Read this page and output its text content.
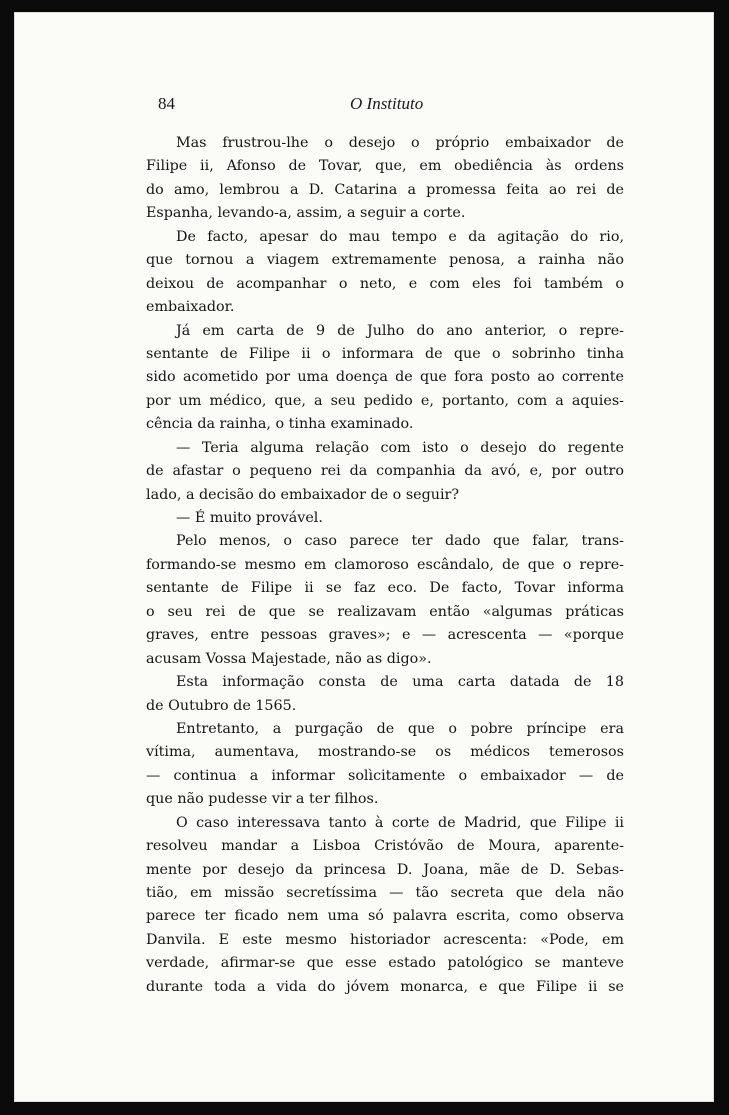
84	O Instituto
Mas frustrou-lhe o desejo o próprio embaixador de
Filipe ii, Afonso de Tovar, que, em obediência às ordens
do amo, lembrou a D. Catarina a promessa feita ao rei de
Espanha, levando-a, assim, a seguir a corte.
De facto, apesar do mau tempo e da agitação do rio,
que tornou a viagem extremamente penosa, a rainha não
deixou de acompanhar o neto, e com eles foi também o
embaixador.
Já em carta de 9 de Julho do ano anterior, o repre-
sentante de Filipe ii o informara de que o sobrinho tinha
sido acometido por uma doença de que fora posto ao corrente
por um médico, que, a seu pedido e, portanto, com a aquies-
cência da rainha, o tinha examinado.
— Teria alguma relação com isto o desejo do regente
de afastar o pequeno rei da companhia da avó, e, por outro
lado, a decisão do embaixador de o seguir?
— É muito provável.
Pelo menos, o caso parece ter dado que falar, trans-
formando-se mesmo em clamoroso escândalo, de que o repre-
sentante de Filipe ii se faz eco. De facto, Tovar informa
o seu rei de que se realizavam então «algumas práticas
graves, entre pessoas graves»; e — acrescenta — «porque
acusam Vossa Majestade, não as digo».
Esta informação consta de uma carta datada de 18
de Outubro de 1565.
Entretanto, a purgação de que o pobre príncipe era
vítima, aumentava, mostrando-se os médicos temerosos
— continua a informar solìcitamente o embaixador — de
que não pudesse vir a ter filhos.
O caso interessava tanto à corte de Madrid, que Filipe ii
resolveu mandar a Lisboa Cristóvão de Moura, aparente-
mente por desejo da princesa D. Joana, mãe de D. Sebas-
tião, em missão secretíssima — tão secreta que dela não
parece ter ficado nem uma só palavra escrita, como observa
Danvila. E este mesmo historiador acrescenta: «Pode, em
verdade, afirmar-se que esse estado patológico se manteve
durante toda a vida do jóvem monarca, e que Filipe ii se
